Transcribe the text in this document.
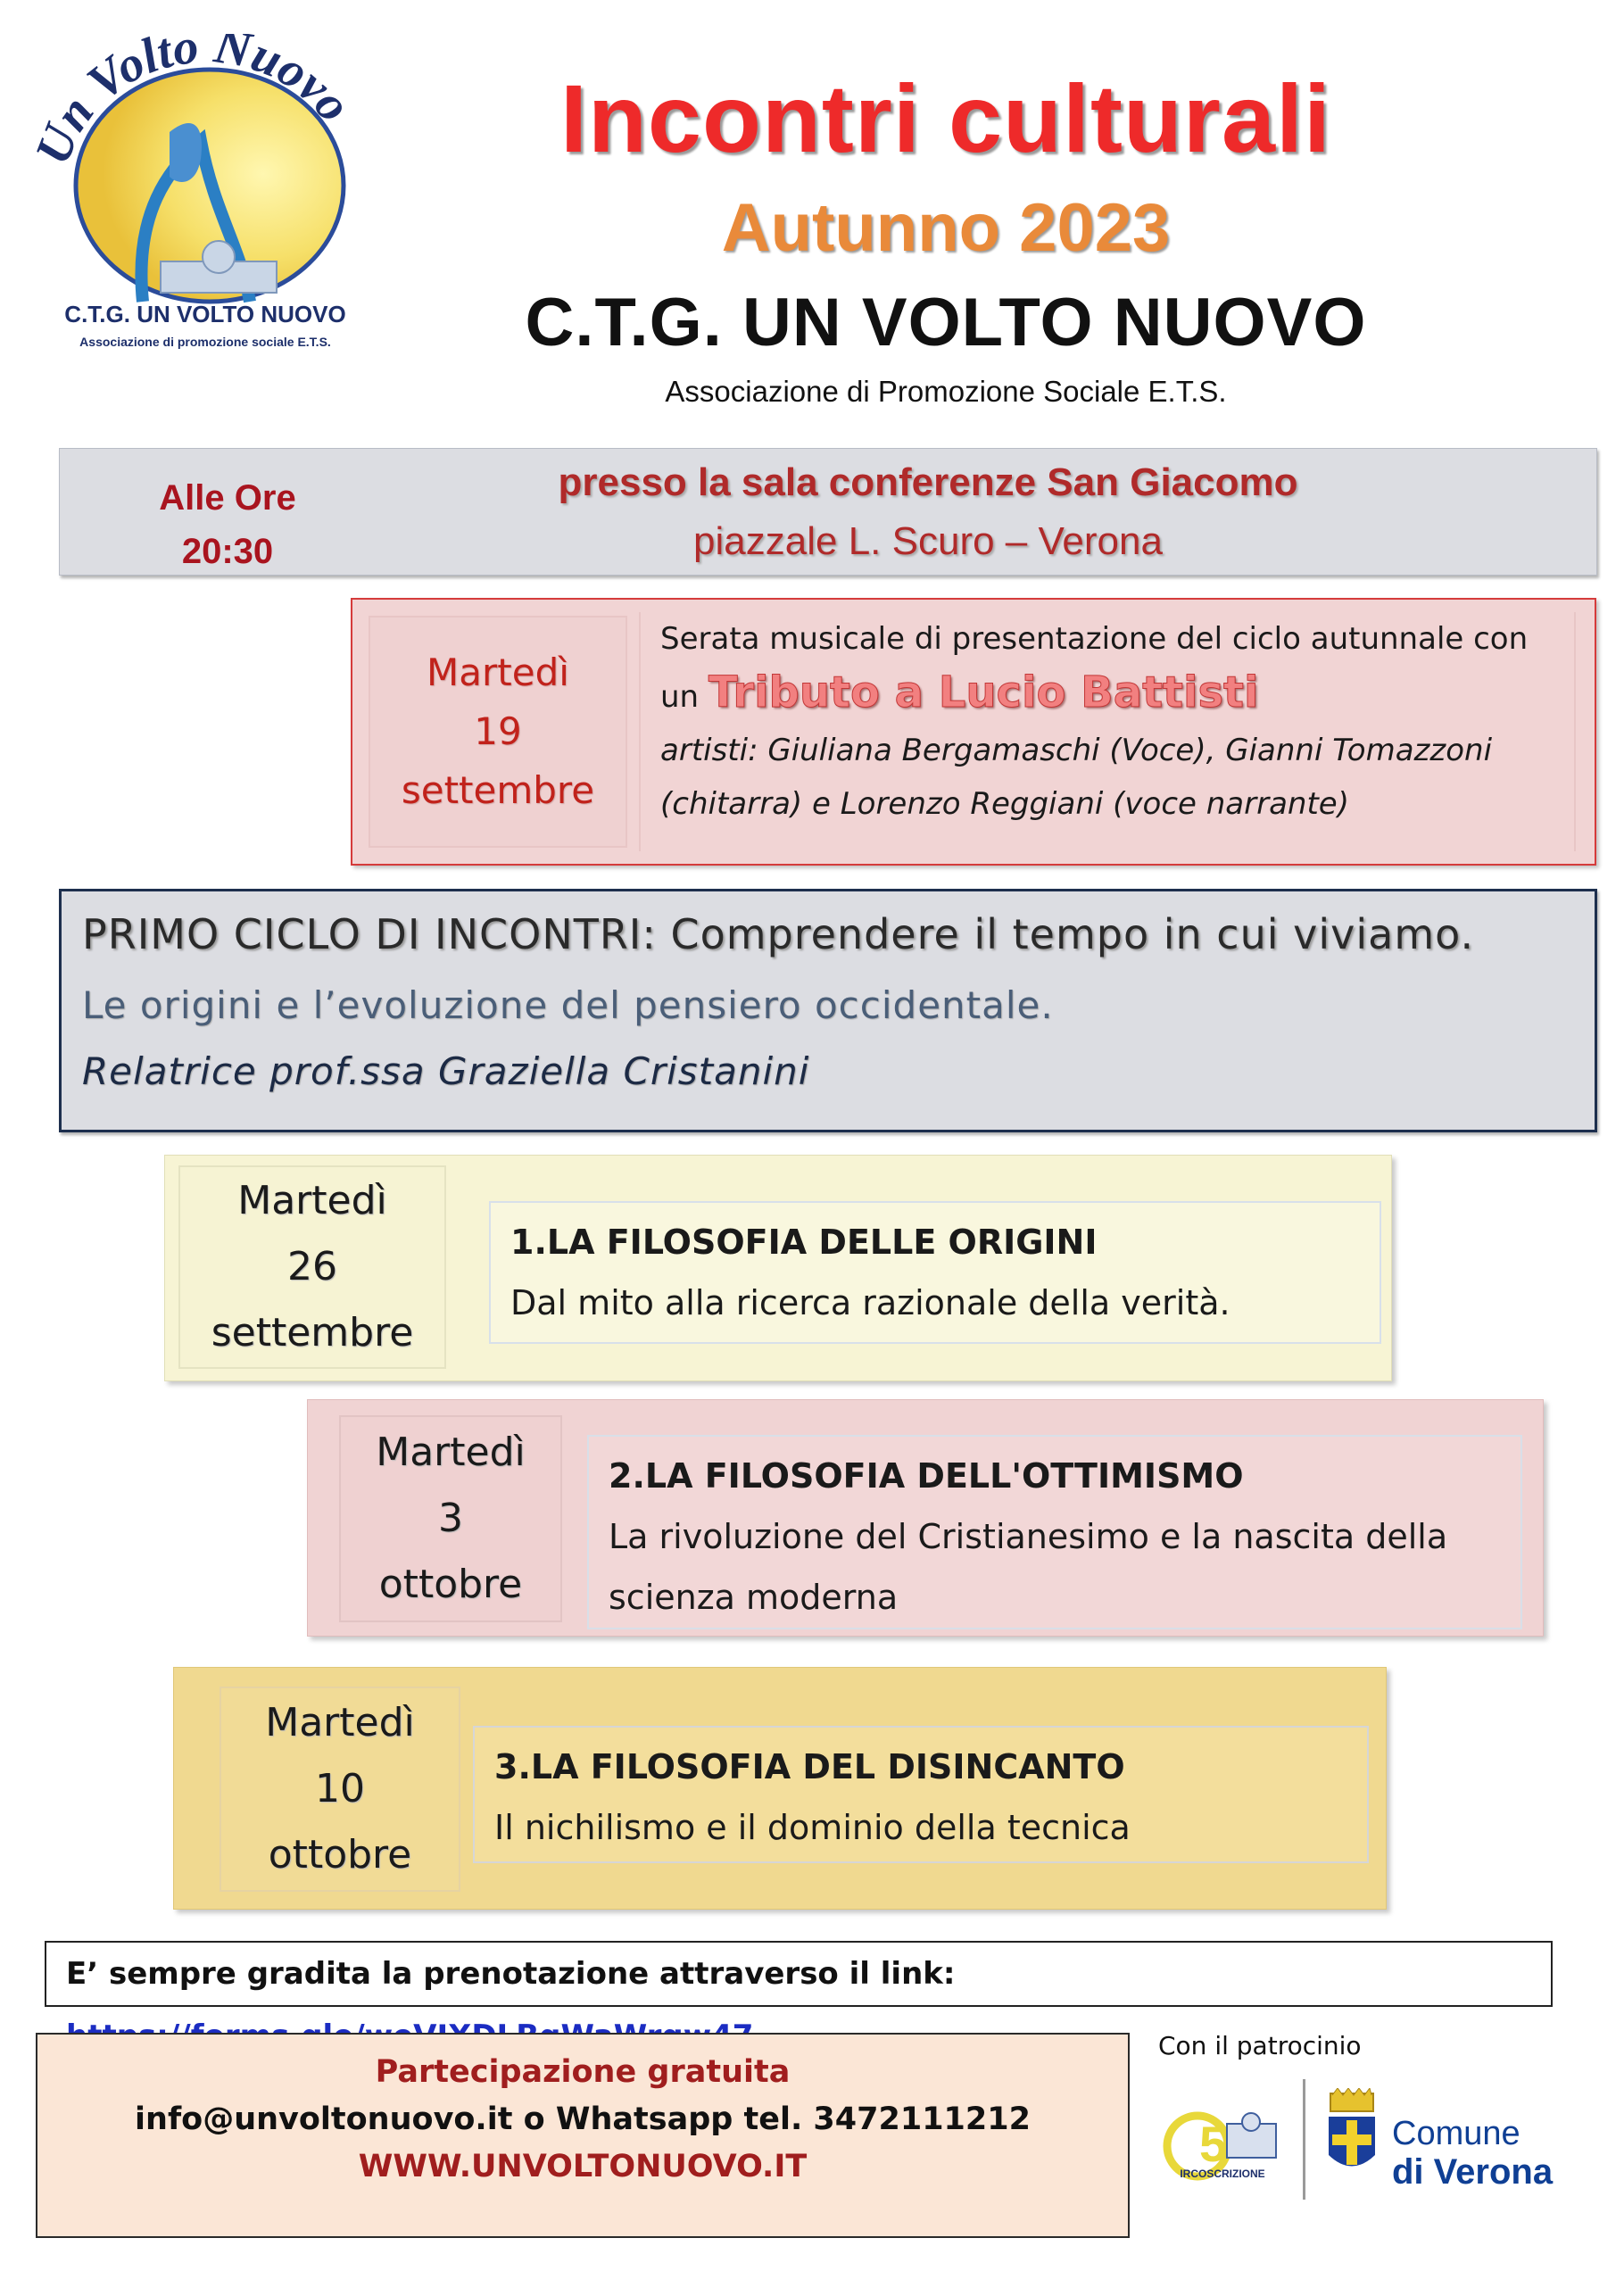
n Volto Nuovo
C.T.G. UN VOLTO NUOVO
Associazione di promozione sociale E.T.S.
Incontri culturali
Autunno 2023
C.T.G. UN VOLTO NUOVO
Associazione di Promozione Sociale E.T.S.
Alle Ore
20:30
presso la sala conferenze San Giacomo
piazzale L. Scuro – Verona
Martedì
19
settembre
Serata musicale di presentazione del ciclo autunnale con
un Tributo a Lucio Battisti
artisti: Giuliana Bergamaschi (Voce), Gianni Tomazzoni
(chitarra) e Lorenzo Reggiani (voce narrante)
PRIMO CICLO DI INCONTRI: Comprendere il tempo in cui viviamo.
Le origini e l’evoluzione del pensiero occidentale.
Relatrice prof.ssa Graziella Cristanini
Martedì
26
settembre
1.LA FILOSOFIA DELLE ORIGINI
Dal mito alla ricerca razionale della verità.
Martedì
3
ottobre
2.LA FILOSOFIA DELL'OTTIMISMO
La rivoluzione del Cristianesimo e la nascita della
scienza moderna
Martedì
10
ottobre
3.LA FILOSOFIA DEL DISINCANTO
Il nichilismo e il dominio della tecnica
E’ sempre gradita la prenotazione attraverso il link:
Partecipazione gratuita
info@unvoltonuovo.it o Whatsapp tel. 3472111212
WWW.UNVOLTONUOVO.IT
Con il patrocinio
5
IRCOSCRIZIONE
Comune
di Verona
